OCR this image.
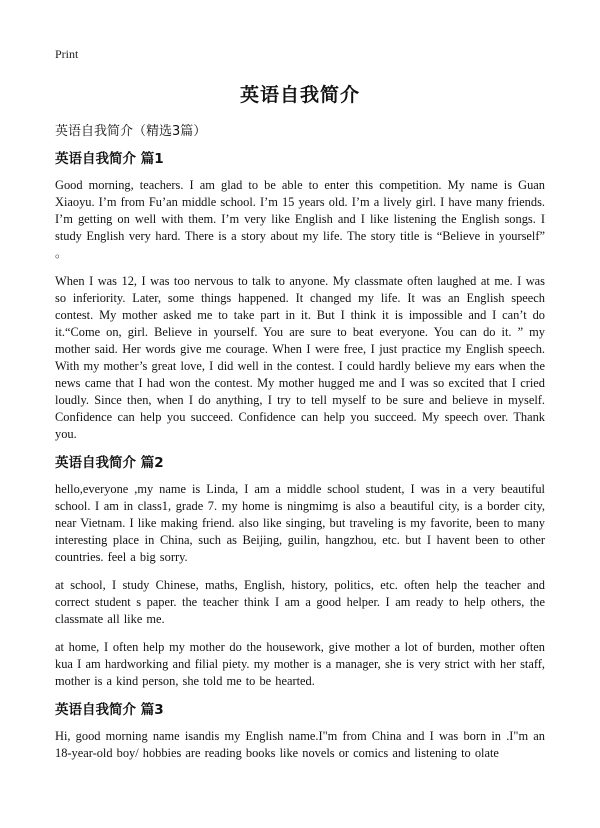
Print
英语自我简介
英语自我简介（精选3篇）
英语自我简介 篇1

Good morning, teachers. I am glad to be able to enter this competition. My name is Guan Xiaoyu. I’m from Fu’an middle school. I’m 15 years old. I’m a lively girl. I have many friends. I’m getting on well with them. I’m very like English and I like listening the English songs. I study English very hard. There is a story about my life. The story title is “Believe in yourself” 。

When I was 12, I was too nervous to talk to anyone. My classmate often laughed at me. I was so inferiority. Later, some things happened. It changed my life. It was an English speech contest. My mother asked me to take part in it. But I think it is impossible and I can’t do it.“Come on, girl. Believe in yourself. You are sure to beat everyone. You can do it. ” my mother said. Her words give me courage. When I were free, I just practice my English speech. With my mother’s great love, I did well in the contest. I could hardly believe my ears when the news came that I had won the contest. My mother hugged me and I was so excited that I cried loudly. Since then, when I do anything, I try to tell myself to be sure and believe in myself. Confidence can help you succeed. Confidence can help you succeed. My speech over. Thank you.

英语自我简介 篇2

hello,everyone ,my name is Linda, I am a middle school student, I was in a very beautiful school. I am in class1, grade 7. my home is ningmimg is also a beautiful city, is a border city, near Vietnam. I like making friend. also like singing, but traveling is my favorite, been to many interesting place in China, such as Beijing, guilin, hangzhou, etc. but I havent been to other countries. feel a big sorry.

at school, I study Chinese, maths, English, history, politics, etc. often help the teacher and correct student s paper. the teacher think I am a good helper. I am ready to help others, the classmate all like me.

at home, I often help my mother do the housework, give mother a lot of burden, mother often kua I am hardworking and filial piety. my mother is a manager, she is very strict with her staff, mother is a kind person, she told me to be hearted.

英语自我简介 篇3

Hi, good morning name isandis my English name.I"m from China and I was born in .I"m an 18-year-old boy/ hobbies are reading books like novels or comics and listening to olate
